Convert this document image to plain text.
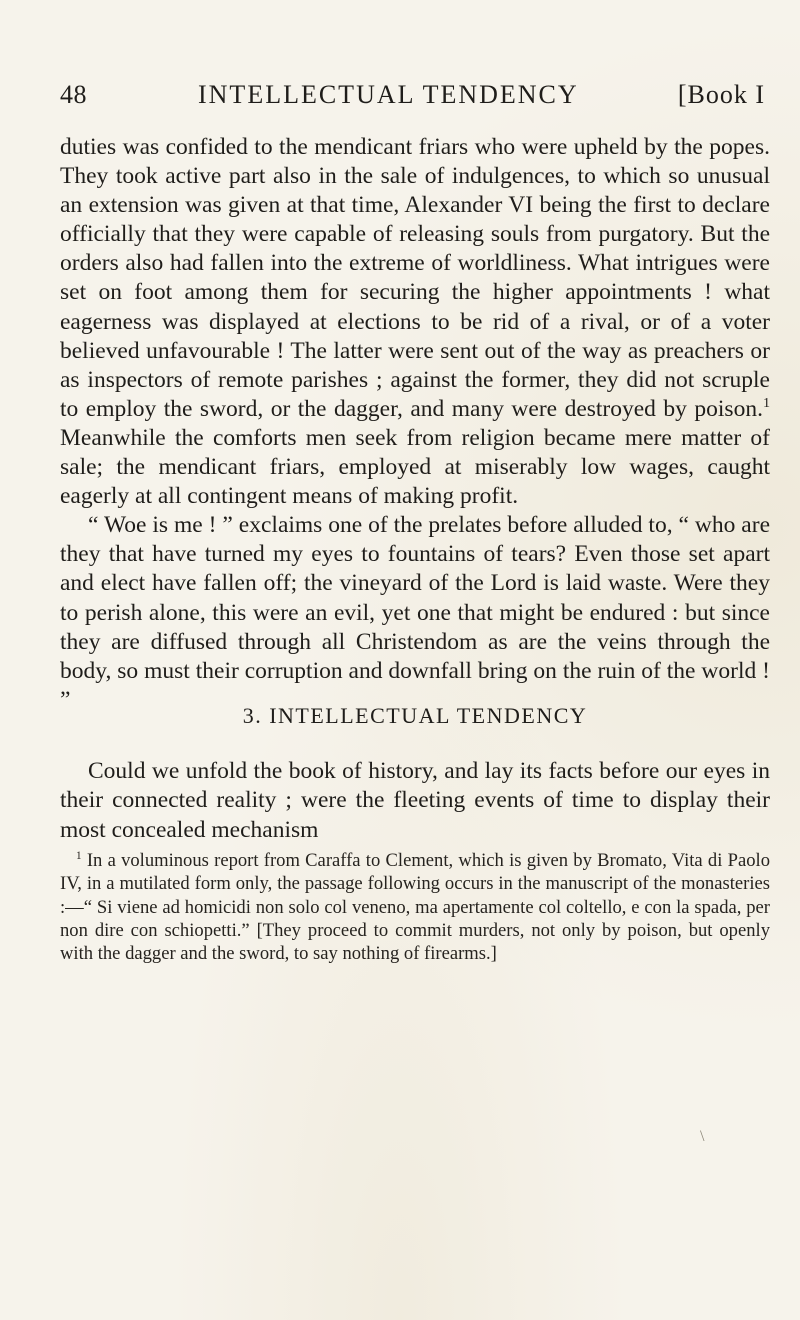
48	INTELLECTUAL TENDENCY	[Book I

duties was confided to the mendicant friars who were upheld by the popes. They took active part also in the sale of indulgences, to which so unusual an extension was given at that time, Alexander VI being the first to declare officially that they were capable of releasing souls from purgatory. But the orders also had fallen into the extreme of worldliness. What intrigues were set on foot among them for securing the higher appointments ! what eagerness was displayed at elections to be rid of a rival, or of a voter believed unfavourable ! The latter were sent out of the way as preachers or as inspectors of remote parishes ; against the former, they did not scruple to employ the sword, or the dagger, and many were destroyed by poison.$^1$ Meanwhile the comforts men seek from religion became mere matter of sale; the mendicant friars, employed at miserably low wages, caught eagerly at all contingent means of making profit.

“ Woe is me ! ” exclaims one of the prelates before alluded to, “ who are they that have turned my eyes to fountains of tears? Even those set apart and elect have fallen off; the vineyard of the Lord is laid waste. Were they to perish alone, this were an evil, yet one that might be endured : but since they are diffused through all Christendom as are the veins through the body, so must their corruption and downfall bring on the ruin of the world ! ”

3. INTELLECTUAL TENDENCY

Could we unfold the book of history, and lay its facts before our eyes in their connected reality ; were the fleeting events of time to display their most concealed mechanism

$^1$ In a voluminous report from Caraffa to Clement, which is given by Bromato, Vita di Paolo IV, in a mutilated form only, the passage following occurs in the manuscript of the monasteries :—“ Si viene ad homicidi non solo col veneno, ma apertamente col coltello, e con la spada, per non dire con schiopetti.” [They proceed to commit murders, not only by poison, but openly with the dagger and the sword, to say nothing of firearms.]

\
